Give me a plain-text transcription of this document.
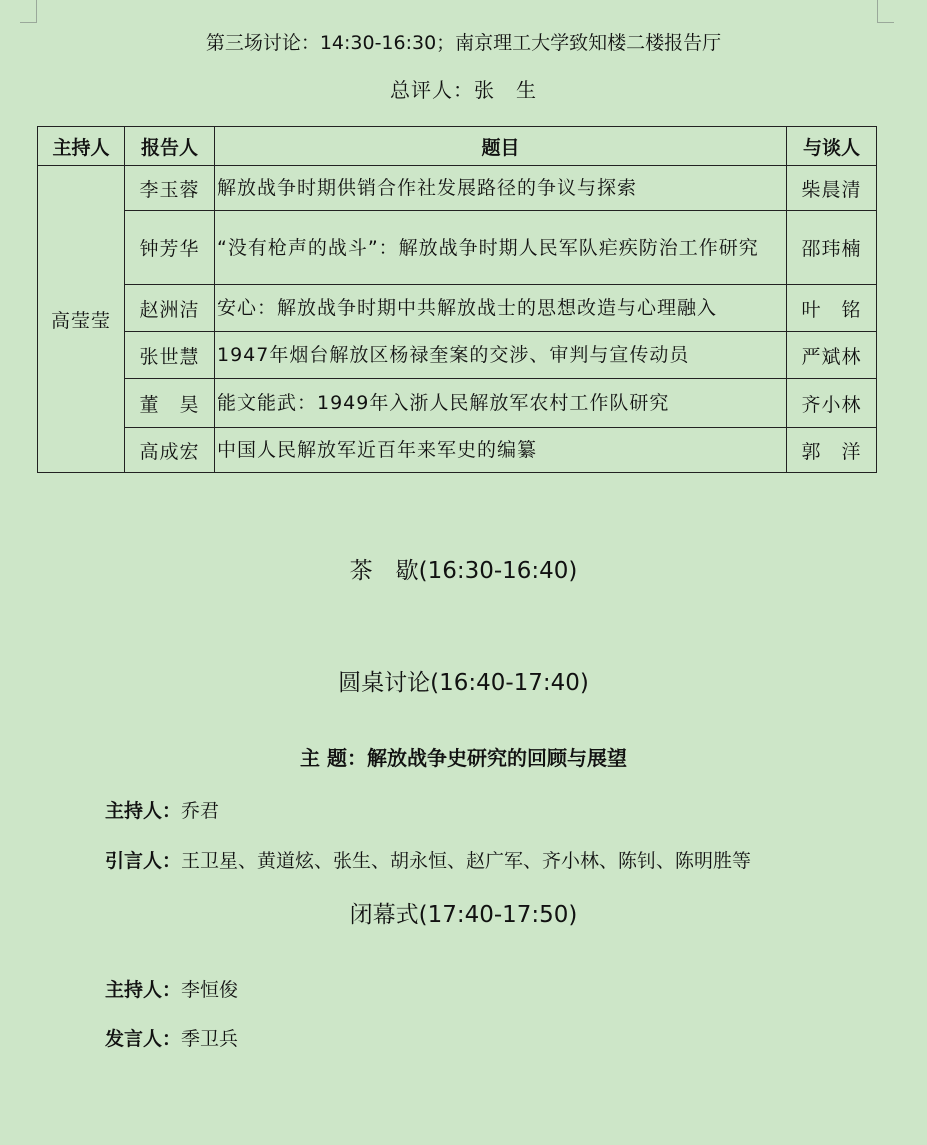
第三场讨论：14:30-16:30；南京理工大学致知楼二楼报告厅
总评人：张　生
主持人	报告人	题目	与谈人
高莹莹	李玉蓉	解放战争时期供销合作社发展路径的争议与探索	柴晨清
	钟芳华	“没有枪声的战斗”：解放战争时期人民军队疟疾防治工作研究	邵玮楠
	赵洲洁	安心：解放战争时期中共解放战士的思想改造与心理融入	叶　铭
	张世慧	1947年烟台解放区杨禄奎案的交涉、审判与宣传动员	严斌林
	董　昊	能文能武：1949年入浙人民解放军农村工作队研究	齐小林
	高成宏	中国人民解放军近百年来军史的编纂	郭　洋
茶　歇(16:30-16:40)
圆桌讨论(16:40-17:40)
主 题：解放战争史研究的回顾与展望
主持人：乔君
引言人：王卫星、黄道炫、张生、胡永恒、赵广军、齐小林、陈钊、陈明胜等
闭幕式(17:40-17:50)
主持人：李恒俊
发言人：季卫兵
